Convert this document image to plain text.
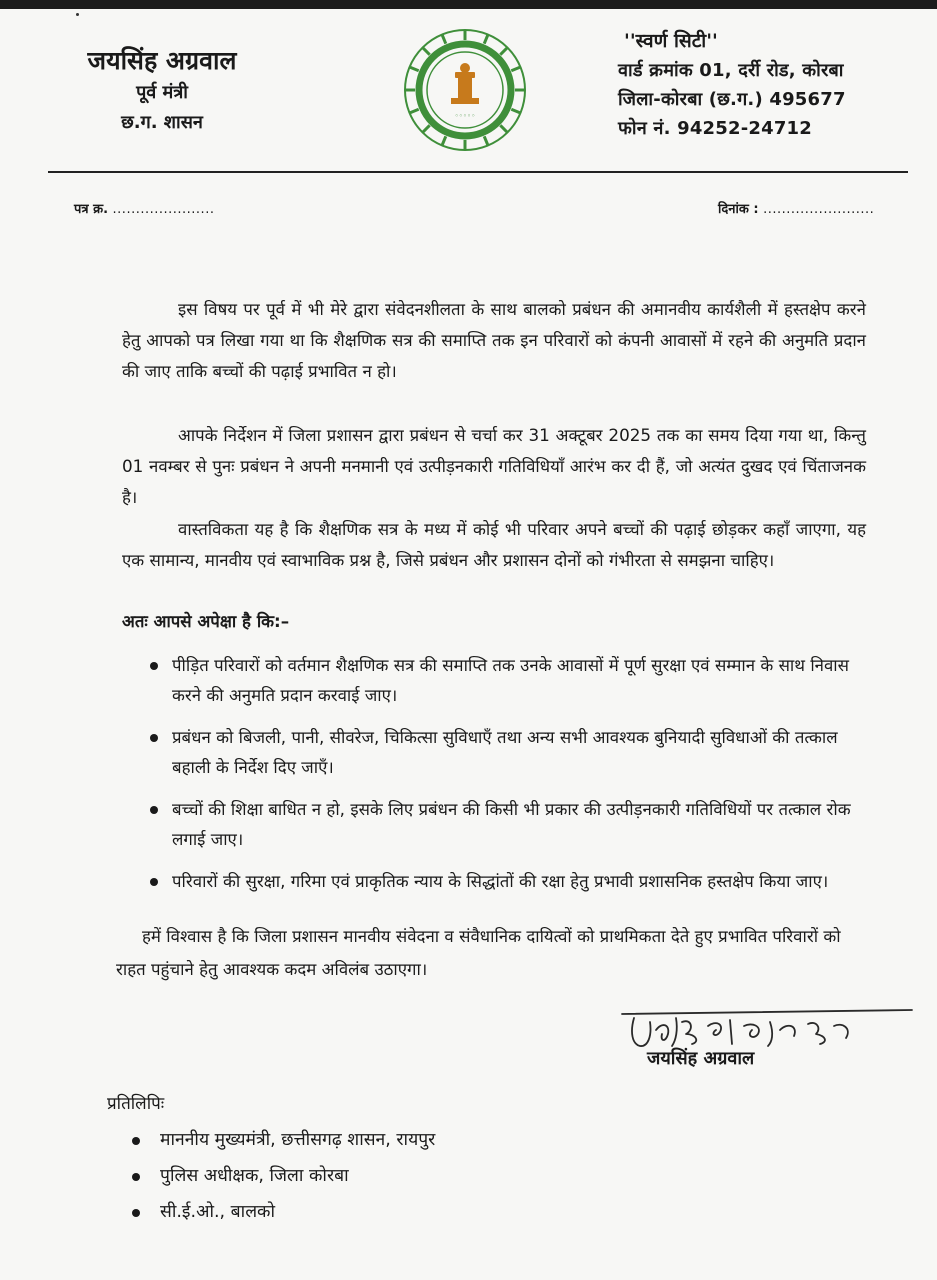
जयसिंह अग्रवाल

पूर्व मंत्री

छ.ग. शासन	◦◦◦◦◦
''स्वर्ण सिटी''
वार्ड क्रमांक 01, दर्री रोड, कोरबा
जिला-कोरबा (छ.ग.) 495677
फोन नं. 94252-24712
पत्र क्र. ......................	दिनांक : ........................
इस विषय पर पूर्व में भी मेरे द्वारा संवेदनशीलता के साथ बालको प्रबंधन की अमानवीय कार्यशैली में हस्तक्षेप करने हेतु आपको पत्र लिखा गया था कि शैक्षणिक सत्र की समाप्ति तक इन परिवारों को कंपनी आवासों में रहने की अनुमति प्रदान की जाए ताकि बच्चों की पढ़ाई प्रभावित न हो।
आपके निर्देशन में जिला प्रशासन द्वारा प्रबंधन से चर्चा कर 31 अक्टूबर 2025 तक का समय दिया गया था, किन्तु 01 नवम्बर से पुनः प्रबंधन ने अपनी मनमानी एवं उत्पीड़नकारी गतिविधियाँ आरंभ कर दी हैं, जो अत्यंत दुखद एवं चिंताजनक है।
वास्तविकता यह है कि शैक्षणिक सत्र के मध्य में कोई भी परिवार अपने बच्चों की पढ़ाई छोड़कर कहाँ जाएगा, यह एक सामान्य, मानवीय एवं स्वाभाविक प्रश्न है, जिसे प्रबंधन और प्रशासन दोनों को गंभीरता से समझना चाहिए।
अतः आपसे अपेक्षा है कि:–
पीड़ित परिवारों को वर्तमान शैक्षणिक सत्र की समाप्ति तक उनके आवासों में पूर्ण सुरक्षा एवं सम्मान के साथ निवास करने की अनुमति प्रदान करवाई जाए।
प्रबंधन को बिजली, पानी, सीवरेज, चिकित्सा सुविधाएँ तथा अन्य सभी आवश्यक बुनियादी सुविधाओं की तत्काल बहाली के निर्देश दिए जाएँ।
बच्चों की शिक्षा बाधित न हो, इसके लिए प्रबंधन की किसी भी प्रकार की उत्पीड़नकारी गतिविधियों पर तत्काल रोक लगाई जाए।
परिवारों की सुरक्षा, गरिमा एवं प्राकृतिक न्याय के सिद्धांतों की रक्षा हेतु प्रभावी प्रशासनिक हस्तक्षेप किया जाए।
हमें विश्वास है कि जिला प्रशासन मानवीय संवेदना व संवैधानिक दायित्वों को प्राथमिकता देते हुए प्रभावित परिवारों को राहत पहुंचाने हेतु आवश्यक कदम अविलंब उठाएगा।
जयसिंह अग्रवाल
प्रतिलिपिः
माननीय मुख्यमंत्री, छत्तीसगढ़ शासन, रायपुर
पुलिस अधीक्षक, जिला कोरबा
सी.ई.ओ., बालको
